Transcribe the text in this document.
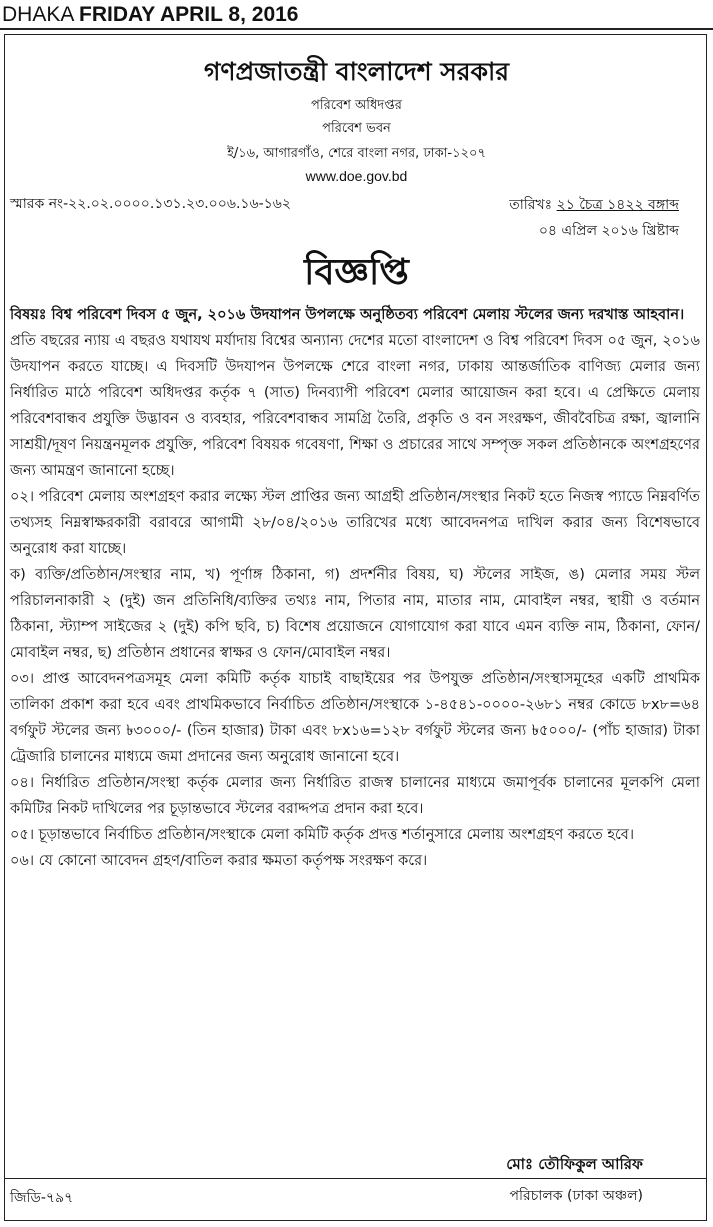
DHAKA FRIDAY APRIL 8, 2016
গণপ্রজাতন্ত্রী বাংলাদেশ সরকার
পরিবেশ অধিদপ্তর
পরিবেশ ভবন
ই/১৬, আগারগাঁও, শেরে বাংলা নগর, ঢাকা-১২০৭
www.doe.gov.bd
স্মারক নং-২২.০২.০০০০.১৩১.২৩.০০৬.১৬-১৬২	তারিখঃ ২১ চৈত্র ১৪২২ বঙ্গাব্দ
০৪ এপ্রিল ২০১৬ খ্রিষ্টাব্দ
বিজ্ঞপ্তি

বিষয়ঃ বিশ্ব পরিবেশ দিবস ৫ জুন, ২০১৬ উদযাপন উপলক্ষে অনুষ্ঠিতব্য পরিবেশ মেলায় স্টলের জন্য দরখাস্ত আহবান।

প্রতি বছরের ন্যায় এ বছরও যথাযথ মর্যাদায় বিশ্বের অন্যান্য দেশের মতো বাংলাদেশ ও বিশ্ব পরিবেশ দিবস ০৫ জুন, ২০১৬ উদযাপন করতে যাচ্ছে। এ দিবসটি উদযাপন উপলক্ষে শেরে বাংলা নগর, ঢাকায় আন্তর্জাতিক বাণিজ্য মেলার জন্য নির্ধারিত মাঠে পরিবেশ অধিদপ্তর কর্তৃক ৭ (সাত) দিনব্যাপী পরিবেশ মেলার আয়োজন করা হবে। এ প্রেক্ষিতে মেলায় পরিবেশবান্ধব প্রযুক্তি উদ্ভাবন ও ব্যবহার, পরিবেশবান্ধব সামগ্রি তৈরি, প্রকৃতি ও বন সংরক্ষণ, জীববৈচিত্র রক্ষা, জ্বালানি সাশ্রয়ী/দূষণ নিয়ন্ত্রনমূলক প্রযুক্তি, পরিবেশ বিষয়ক গবেষণা, শিক্ষা ও প্রচারের সাথে সম্পৃক্ত সকল প্রতিষ্ঠানকে অংশগ্রহণের জন্য আমন্ত্রণ জানানো হচ্ছে।

০২। পরিবেশ মেলায় অংশগ্রহণ করার লক্ষ্যে স্টল প্রাপ্তির জন্য আগ্রহী প্রতিষ্ঠান/সংস্থার নিকট হতে নিজস্ব প্যাডে নিম্নবর্ণিত তথ্যসহ নিম্নস্বাক্ষরকারী বরাবরে আগামী ২৮/০৪/২০১৬ তারিখের মধ্যে আবেদনপত্র দাখিল করার জন্য বিশেষভাবে অনুরোধ করা যাচ্ছে।

ক) ব্যক্তি/প্রতিষ্ঠান/সংস্থার নাম, খ) পূর্ণাঙ্গ ঠিকানা, গ) প্রদর্শনীর বিষয়, ঘ) স্টলের সাইজ, ঙ) মেলার সময় স্টল পরিচালনাকারী ২ (দুই) জন প্রতিনিধি/ব্যক্তির তথ্যঃ নাম, পিতার নাম, মাতার নাম, মোবাইল নম্বর, স্থায়ী ও বর্তমান ঠিকানা, স্ট্যাম্প সাইজের ২ (দুই) কপি ছবি, চ) বিশেষ প্রয়োজনে যোগাযোগ করা যাবে এমন ব্যক্তি নাম, ঠিকানা, ফোন/মোবাইল নম্বর, ছ) প্রতিষ্ঠান প্রধানের স্বাক্ষর ও ফোন/মোবাইল নম্বর।

০৩। প্রাপ্ত আবেদনপত্রসমূহ মেলা কমিটি কর্তৃক যাচাই বাছাইয়ের পর উপযুক্ত প্রতিষ্ঠান/সংস্থাসমূহের একটি প্রাথমিক তালিকা প্রকাশ করা হবে এবং প্রাথমিকভাবে নির্বাচিত প্রতিষ্ঠান/সংস্থাকে ১-৪৫৪১-০০০০-২৬৮১ নম্বর কোডে ৮x৮=৬৪ বর্গফুট স্টলের জন্য ৳৩০০০/- (তিন হাজার) টাকা এবং ৮x১৬=১২৮ বর্গফুট স্টলের জন্য ৳৫০০০/- (পাঁচ হাজার) টাকা ট্রেজারি চালানের মাধ্যমে জমা প্রদানের জন্য অনুরোধ জানানো হবে।

০৪। নির্ধারিত প্রতিষ্ঠান/সংস্থা কর্তৃক মেলার জন্য নির্ধারিত রাজস্ব চালানের মাধ্যমে জমাপূর্বক চালানের মূলকপি মেলা কমিটির নিকট দাখিলের পর চূড়ান্তভাবে স্টলের বরাদ্দপত্র প্রদান করা হবে।

০৫। চূড়ান্তভাবে নির্বাচিত প্রতিষ্ঠান/সংস্থাকে মেলা কমিটি কর্তৃক প্রদত্ত শর্তানুসারে মেলায় অংশগ্রহণ করতে হবে।

০৬। যে কোনো আবেদন গ্রহণ/বাতিল করার ক্ষমতা কর্তৃপক্ষ সংরক্ষণ করে।

মোঃ তৌফিকুল আরিফ
জিডি-৭৯৭	পরিচালক (ঢাকা অঞ্চল)
